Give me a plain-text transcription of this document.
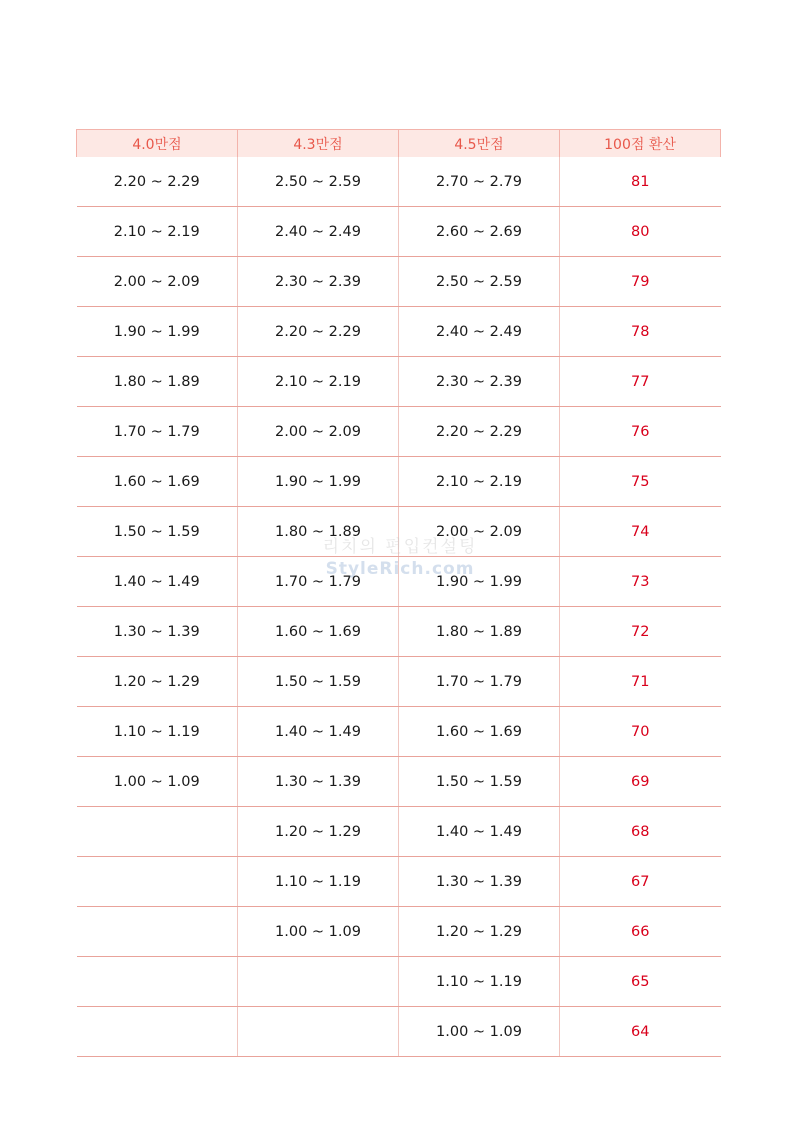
4.0만점	4.3만점	4.5만점	100점 환산
2.20 ~ 2.29	2.50 ~ 2.59	2.70 ~ 2.79	81
2.10 ~ 2.19	2.40 ~ 2.49	2.60 ~ 2.69	80
2.00 ~ 2.09	2.30 ~ 2.39	2.50 ~ 2.59	79
1.90 ~ 1.99	2.20 ~ 2.29	2.40 ~ 2.49	78
1.80 ~ 1.89	2.10 ~ 2.19	2.30 ~ 2.39	77
1.70 ~ 1.79	2.00 ~ 2.09	2.20 ~ 2.29	76
1.60 ~ 1.69	1.90 ~ 1.99	2.10 ~ 2.19	75
1.50 ~ 1.59	1.80 ~ 1.89	2.00 ~ 2.09	74
1.40 ~ 1.49	1.70 ~ 1.79	1.90 ~ 1.99	73
1.30 ~ 1.39	1.60 ~ 1.69	1.80 ~ 1.89	72
1.20 ~ 1.29	1.50 ~ 1.59	1.70 ~ 1.79	71
1.10 ~ 1.19	1.40 ~ 1.49	1.60 ~ 1.69	70
1.00 ~ 1.09	1.30 ~ 1.39	1.50 ~ 1.59	69
	1.20 ~ 1.29	1.40 ~ 1.49	68
	1.10 ~ 1.19	1.30 ~ 1.39	67
	1.00 ~ 1.09	1.20 ~ 1.29	66
		1.10 ~ 1.19	65
		1.00 ~ 1.09	64
리치의 편입컨설팅
StyleRich.com
